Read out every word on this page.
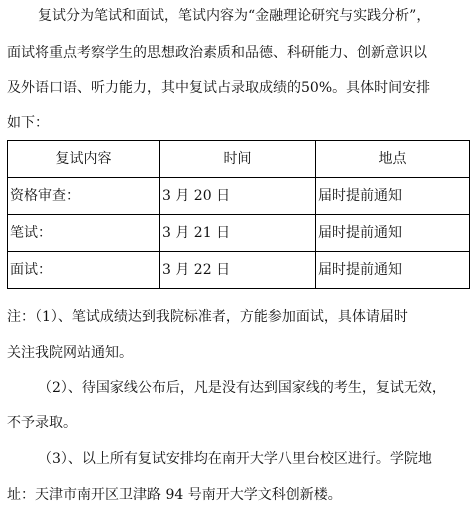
复试分为笔试和面试，笔试内容为“金融理论研究与实践分析”，
面试将重点考察学生的思想政治素质和品德、科研能力、创新意识以
及外语口语、听力能力，其中复试占录取成绩的50%。具体时间安排
如下：
复试内容	时间	地点
资格审查：	3 月 20 日	届时提前通知
笔试：	3 月 21 日	届时提前通知
面试：	3 月 22 日	届时提前通知
注：（1）、笔试成绩达到我院标准者，方能参加面试，具体请届时
关注我院网站通知。
（2）、待国家线公布后，凡是没有达到国家线的考生，复试无效，
不予录取。
（3）、以上所有复试安排均在南开大学八里台校区进行。学院地
址：天津市南开区卫津路 94 号南开大学文科创新楼。
